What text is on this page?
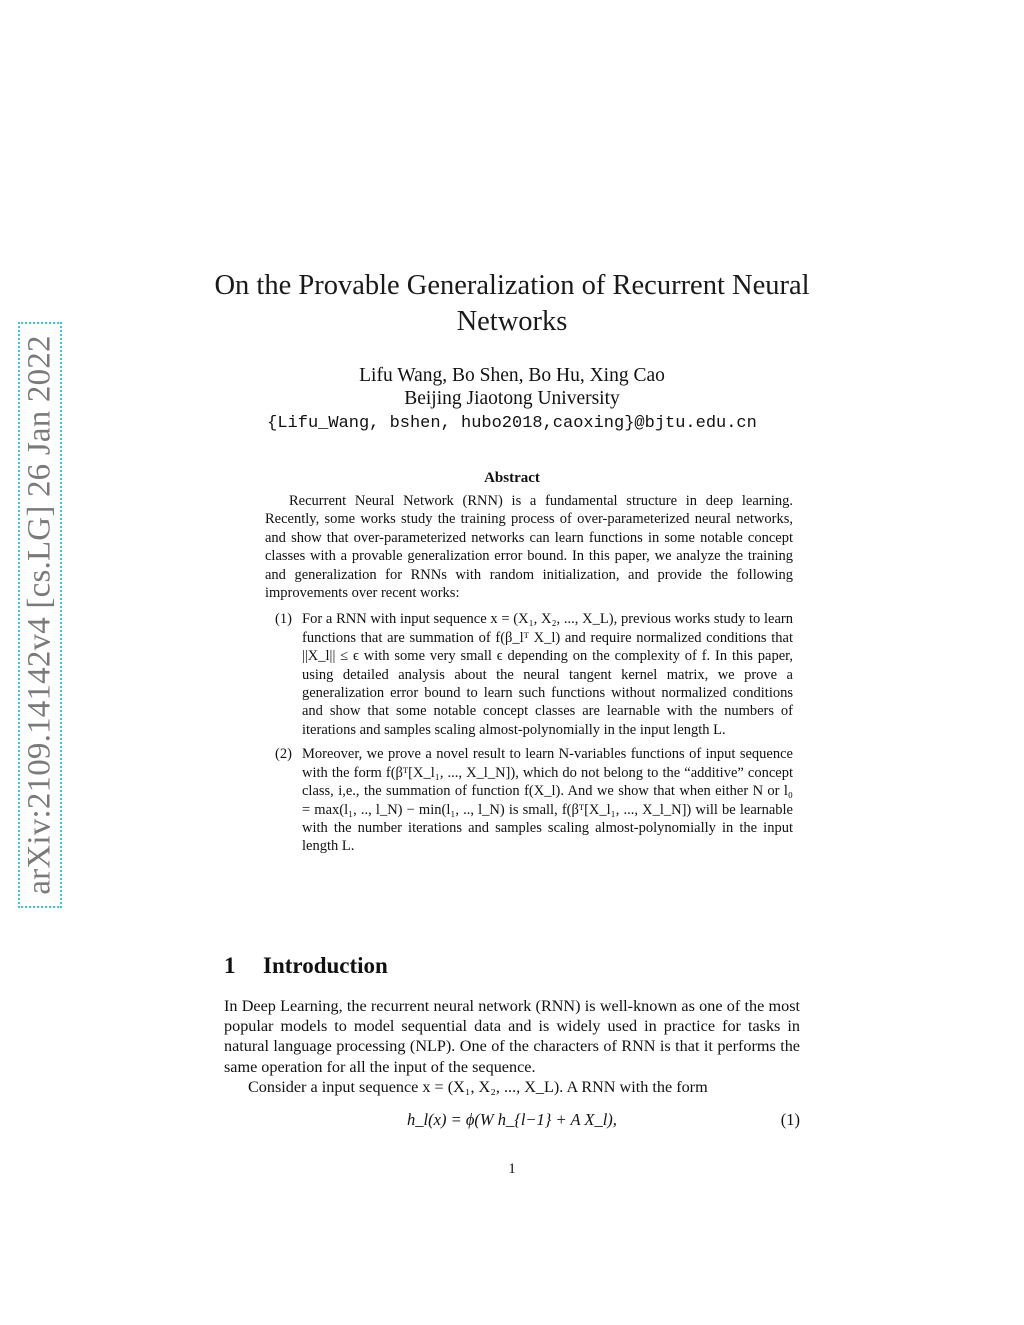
arXiv:2109.14142v4 [cs.LG] 26 Jan 2022
On the Provable Generalization of Recurrent Neural Networks
Lifu Wang, Bo Shen, Bo Hu, Xing Cao
Beijing Jiaotong University
{Lifu_Wang, bshen, hubo2018,caoxing}@bjtu.edu.cn
Abstract

Recurrent Neural Network (RNN) is a fundamental structure in deep learning. Recently, some works study the training process of over-parameterized neural networks, and show that over-parameterized networks can learn functions in some notable concept classes with a provable generalization error bound. In this paper, we analyze the training and generalization for RNNs with random initialization, and provide the following improvements over recent works:

(1) For a RNN with input sequence x = (X₁, X₂, ..., X_L), previous works study to learn functions that are summation of f(β_lᵀ X_l) and require normalized conditions that ||X_l|| ≤ ϵ with some very small ϵ depending on the complexity of f. In this paper, using detailed analysis about the neural tangent kernel matrix, we prove a generalization error bound to learn such functions without normalized conditions and show that some notable concept classes are learnable with the numbers of iterations and samples scaling almost-polynomially in the input length L.
(2) Moreover, we prove a novel result to learn N-variables functions of input sequence with the form f(βᵀ[X_l₁, ..., X_l_N]), which do not belong to the “additive” concept class, i,e., the summation of function f(X_l). And we show that when either N or l₀ = max(l₁, .., l_N) − min(l₁, .., l_N) is small, f(βᵀ[X_l₁, ..., X_l_N]) will be learnable with the number iterations and samples scaling almost-polynomially in the input length L.
1 Introduction

In Deep Learning, the recurrent neural network (RNN) is well-known as one of the most popular models to model sequential data and is widely used in practice for tasks in natural language processing (NLP). One of the characters of RNN is that it performs the same operation for all the input of the sequence.

Consider a input sequence x = (X₁, X₂, ..., X_L). A RNN with the form

h_l(x) = ϕ(W h_{l−1} + A X_l),	(1)
1
